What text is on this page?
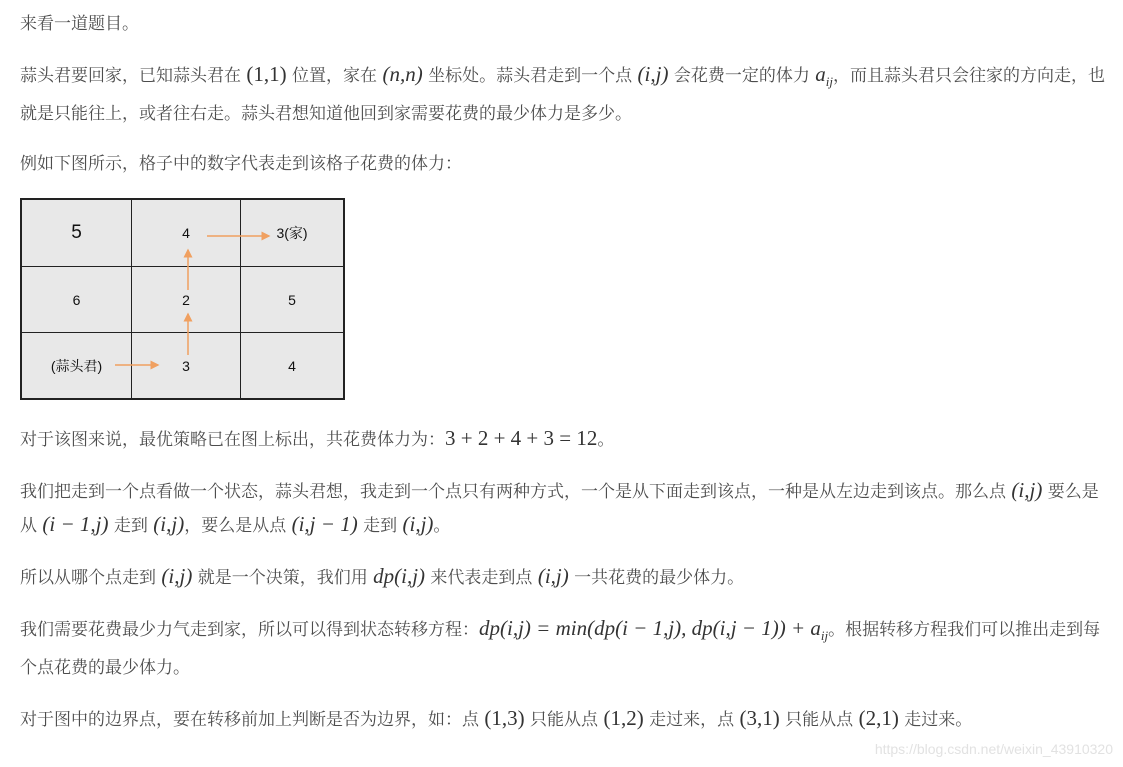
来看一道题目。

蒜头君要回家，已知蒜头君在 (1,1) 位置，家在 (n,n) 坐标处。蒜头君走到一个点 (i,j) 会花费一定的体力 $a_{ij}$，而且蒜头君只会往家的方向走，也就是只能往上，或者往右走。蒜头君想知道他回到家需要花费的最少体力是多少。

例如下图所示，格子中的数字代表走到该格子花费的体力：

5	4	3(家)
6	2	5
(蒜头君)	3	4

对于该图来说，最优策略已在图上标出，共花费体力为：3 + 2 + 4 + 3 = 12。

我们把走到一个点看做一个状态，蒜头君想，我走到一个点只有两种方式，一个是从下面走到该点，一种是从左边走到该点。那么点 (i,j) 要么是从 (i − 1,j) 走到 (i,j)，要么是从点 (i,j − 1) 走到 (i,j)。

所以从哪个点走到 (i,j) 就是一个决策，我们用 dp(i,j) 来代表走到点 (i,j) 一共花费的最少体力。

我们需要花费最少力气走到家，所以可以得到状态转移方程：dp(i,j) = min(dp(i − 1,j), $dp(i,j - 1)) + a_{ij}$。根据转移方程我们可以推出走到每个点花费的最少体力。

对于图中的边界点，要在转移前加上判断是否为边界，如：点 (1,3) 只能从点 (1,2) 走过来，点 (3,1) 只能从点 (2,1) 走过来。

https://blog.csdn.net/weixin_43910320
